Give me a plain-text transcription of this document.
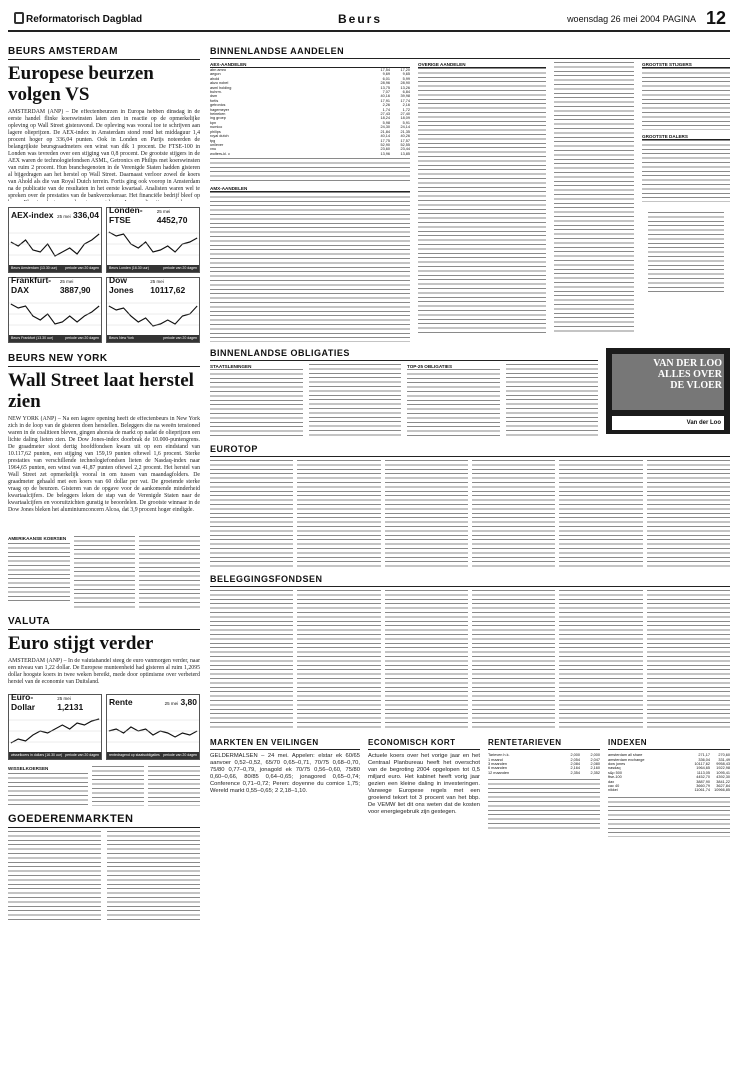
Reformatorisch Dagblad	Beurs	woensdag 26 mei 2004 PAGINA 12
BEURS AMSTERDAM
Europese beurzen volgen VS
AMSTERDAM (ANP) – De effectenbeurzen in Europa hebben dinsdag in de eerste handel flinke koerswinsten laten zien in reactie op de opmerkelijke opleving op Wall Street gisteravond. De opleving was vooral toe te schrijven aan lagere olieprijzen. De AEX-index in Amsterdam stond rond het middaguur 1,4 procent hoger op 336,04 punten. Ook in Londen en Parijs noteerden de belangrijkste beursgraadmeters een winst van dik 1 procent. De FTSE-100 in Londen was tevreden over een stijging van 0,8 procent. De grootste stijgers in de AEX waren de technologiefondsen ASML, Getronics en Philips met koerswinsten van ruim 2 procent. Hun branchegenoten in de Verenigde Staten hadden gisteren al bijgedragen aan het herstel op Wall Street. Daarnaast verloor zowel de koers van Ahold als die van Royal Dutch terrein. Fortis ging ook voorop in Amsterdam na de publicatie van de resultaten in het eerste kwartaal. Analisten waren wel te spreken over de prestaties van de bankverzekeraar. Het financiële bedrijf bleef op
AEX-index 25 mei 336,04
Beurs Amsterdam (13.30 uur) periode van 20 dagen
Londen-FTSE
25 mei 4452,70
Beurs Londen (16.30 uur)	periode van 20 dagen
Frankfurt-DAX
25 mei 3887,90
Beurs Frankfurt (13.30 uur)	periode van 20 dagen
Dow Jones
25 mei 10117,62
Beurs New York	periode van 20 dagen
BEURS NEW YORK
Wall Street laat herstel zien
NEW YORK (ANP) – Na een lagere opening heeft de effectenbeurs in New York zich in de loop van de gisteren doen herstellen. Beleggers die na weeën tensioned waren in de coalitieen bleven, gingen ahorsia de markt op nadat de olieprijzen een lichte daling lieten zien. De Dow Jones-index doorbrak de 10.000-puntengrens. De graadmeter sloot dertig hoofdfondsen kwam uit op een eindstand van 10.117,62 punten, een stijging van 159,19 punten oftewel 1,6 procent. Sterke prestaties van verschillende technologiefondsen lieten de Nasdaq-index naar 1964,65 punten, een winst van 41,87 punten oftewel 2,2 procent. Het herstel van Wall Street zet opmerkelijk vooral in om tussen van maandagfolders. De graadmeter gehaald met een koers van 60 dollar per vat. De groeiende sterke vraag op de beurzen. Gisteren van de opgave voor de aankomende minderheid kwartaalcijfers. De beleggers leken de stap van de Verenigde Staten naar de kwartaalcijfers en vooruitzichten gunstig te beoordelen. De grootste winnaar in de Dow Jones bleken het aluminiumconcern Alcoa, dat 3,9 procent hoger eindigde.
AMERIKAANSE KOERSEN
VALUTA
Euro stijgt verder
AMSTERDAM (ANP) – In de valutahandel steeg de euro vanmorgen verder, naar een niveau van 1,22 dollar. De Europese munteenheid had gisteren al ruim 1,2095 dollar hoogste koers in twee weken bereikt, mede door optimisme over verbeterd herstel van de economie van Duitsland.
Euro-Dollar
25 mei 1,2131
wisselkoers in dollars (16.30 uur) periode van 20 dagen
Rente	25 mei 3,80
rentedragend op staatsobligaties periode van 20 dagen
WISSELKOERSEN
GOEDERENMARKTEN
BINNENLANDSE AANDELEN
AEX-AANDELEN
abn amro	17,54	17,20
aegon	9,69	9,65
ahold	6,01	5,99
akzo nobel	28,96	28,90
asml holding	13,75	13,26
buhrm.	7,07	6,84
dsm	40,16	39,98
fortis	17,91	17,74
getronics	2,26	2,16
hagemeyer	1,74	1,72
heineken	27,43	27,40
ing groep	18,24	18,09
kpn	5,98	5,91
numico	24,30	24,14
philips	21,84	21,35
royal dutch	40,14	40,26
tpg	17,75	17,57
unilever	52,90	52,55
vnu	23,60	23,44
wolters-kl. c	13,96	13,85
AMX-AANDELEN
OVERIGE AANDELEN	GROOTSTE STIJGERS
GROOTSTE DALERS
BINNENLANDSE OBLIGATIES
STAATSLENINGEN	TOP-25 OBLIGATIES	VAN DER LOO
ALLES OVER
DE VLOER
Van der Loo
EUROTOP
BELEGGINGSFONDSEN
MARKTEN EN VEILINGEN
GELDERMALSEN – 24 mei. Appelen: elstar ek 60/65 aanvoer 0,52–0,52, 65/70 0,65–0,71, 70/75 0,68–0,70, 75/80 0,77–0,79, jonagold ek 70/75 0,56–0,60, 75/80 0,60–0,66, 80/85 0,64–0,65; jonagored 0,65–0,74; Conference 0,71–0,72; Peren: doyenne du comice 1,75; Wereld markt 0,55–0,65; 2 2,18–1,10.
ECONOMISCH KORT
Actuele koers over het vorige jaar en het Centraal Planbureau heeft het overschot van de begroting 2004 opgelopen tot 0,5 miljard euro. Het kabinet heeft vorig jaar gezien een kleine daling in investeringen. Vanwege Europese regels met een groeiend tekort tot 3 procent van het bbp. De VEMW liet dit ons weten dat de kosten voor energiegebruik zijn gestegen.
RENTETARIEVEN
Tarieven h.k.	2,000	2,000
1 maand	2,054	2,047
3 maanden	2,084	2,080
6 maanden	2,164	2,160
12 maanden	2,354	2,352
INDEXEN
amsterdam all share	271,17	270,60
amsterdam exchange	336,04	331,49
dow jones	10117,62	9958,43
nasdaq	1964,65	1922,98
s&p 500	1113,05	1095,41
ftse-100	4452,70	4392,30
dax	3887,90	3841,22
cac 40	3660,79	3627,84
nikkei	11061,74	10966,85
